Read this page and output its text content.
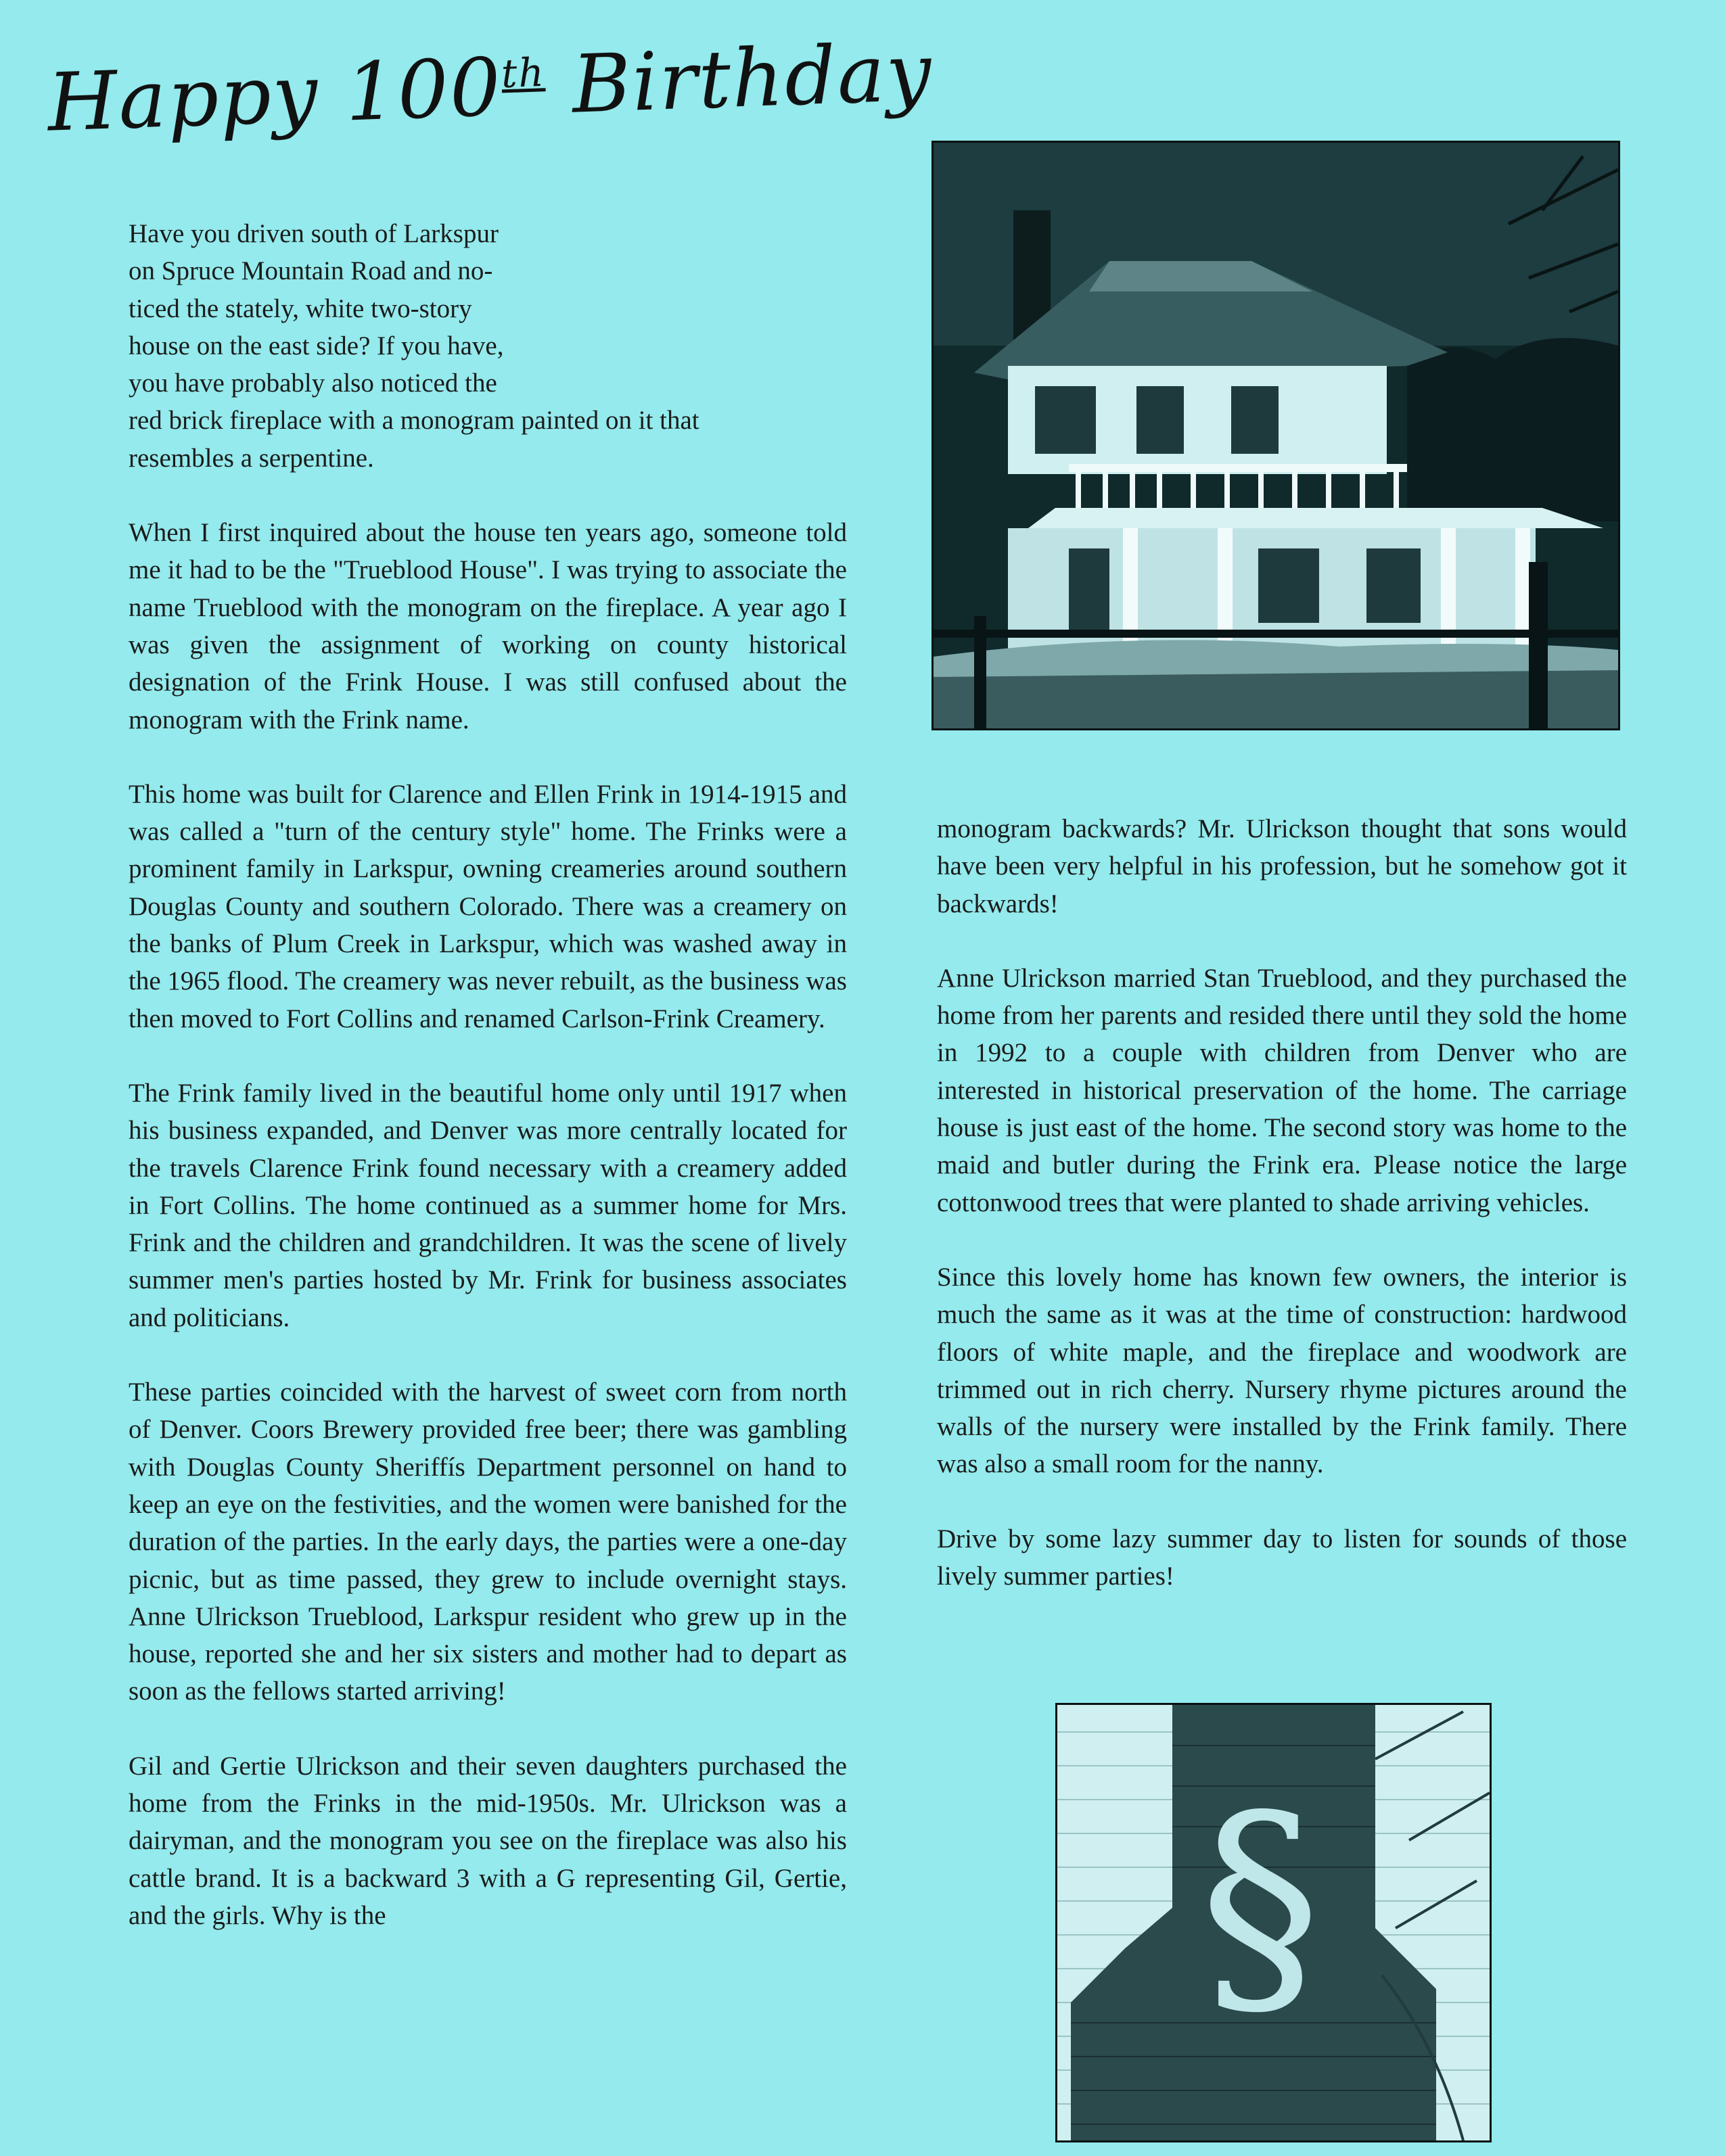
Happy 100th Birthday
§
Have you driven south of Larkspur
on Spruce Mountain Road and no-
ticed the stately, white two-story
house on the east side? If you have,
you have probably also noticed the
red brick fireplace with a monogram painted on it that
resembles a serpentine.

When I first inquired about the house ten years ago, someone told me it had to be the "Trueblood House". I was trying to associate the name Trueblood with the monogram on the fireplace. A year ago I was given the assignment of working on county historical designation of the Frink House. I was still confused about the monogram with the Frink name.

This home was built for Clarence and Ellen Frink in 1914-1915 and was called a "turn of the century style" home. The Frinks were a prominent family in Larkspur, owning creameries around southern Douglas County and southern Colorado. There was a creamery on the banks of Plum Creek in Larkspur, which was washed away in the 1965 flood. The creamery was never rebuilt, as the business was then moved to Fort Collins and renamed Carlson-Frink Creamery.

The Frink family lived in the beautiful home only until 1917 when his business expanded, and Denver was more centrally located for the travels Clarence Frink found necessary with a creamery added in Fort Collins. The home continued as a summer home for Mrs. Frink and the children and grandchildren. It was the scene of lively summer men's parties hosted by Mr. Frink for business associates and politicians.

These parties coincided with the harvest of sweet corn from north of Denver. Coors Brewery provided free beer; there was gambling with Douglas County Sheriffís Department personnel on hand to keep an eye on the festivities, and the women were banished for the duration of the parties. In the early days, the parties were a one-day picnic, but as time passed, they grew to include overnight stays. Anne Ulrickson Trueblood, Larkspur resident who grew up in the house, reported she and her six sisters and mother had to depart as soon as the fellows started arriving!

Gil and Gertie Ulrickson and their seven daughters purchased the home from the Frinks in the mid-1950s. Mr. Ulrickson was a dairyman, and the monogram you see on the fireplace was also his cattle brand. It is a backward 3 with a G representing Gil, Gertie, and the girls. Why is the

monogram backwards? Mr. Ulrickson thought that sons would have been very helpful in his profession, but he somehow got it backwards!

Anne Ulrickson married Stan Trueblood, and they purchased the home from her parents and resided there until they sold the home in 1992 to a couple with children from Denver who are interested in historical preservation of the home. The carriage house is just east of the home. The second story was home to the maid and butler during the Frink era. Please notice the large cottonwood trees that were planted to shade arriving vehicles.

Since this lovely home has known few owners, the interior is much the same as it was at the time of construction: hardwood floors of white maple, and the fireplace and woodwork are trimmed out in rich cherry. Nursery rhyme pictures around the walls of the nursery were installed by the Frink family. There was also a small room for the nanny.

Drive by some lazy summer day to listen for sounds of those lively summer parties!
